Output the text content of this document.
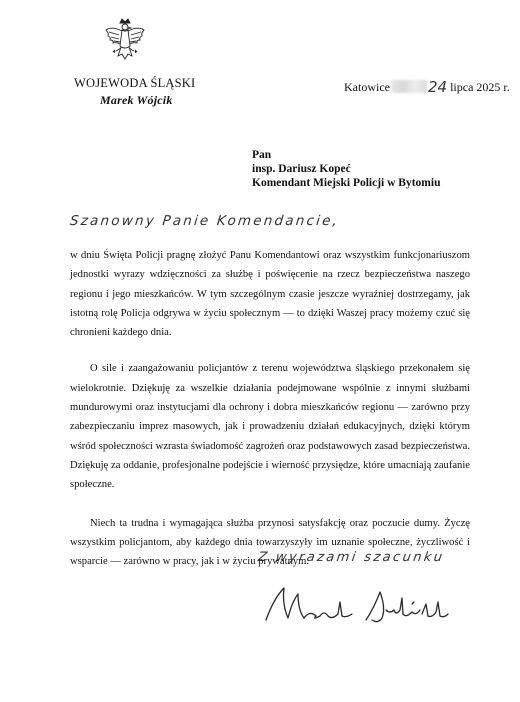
WOJEWODA ŚLĄSKI
Marek Wójcik
Katowice	24 lipca 2025 r.
Pan
insp. Dariusz Kopeć
Komendant Miejski Policji w Bytomiu
Szanowny Panie Komendancie,

w dniu Święta Policji pragnę złożyć Panu Komendantowi oraz wszystkim funkcjonariuszom jednostki wyrazy wdzięczności za służbę i poświęcenie na rzecz bezpieczeństwa naszego regionu i jego mieszkańców. W tym szczególnym czasie jeszcze wyraźniej dostrzegamy, jak istotną rolę Policja odgrywa w życiu społecznym — to dzięki Waszej pracy możemy czuć się chronieni każdego dnia.

O sile i zaangażowaniu policjantów z terenu województwa śląskiego przekonałem się wielokrotnie. Dziękuję za wszelkie działania podejmowane wspólnie z innymi służbami mundurowymi oraz instytucjami dla ochrony i dobra mieszkańców regionu — zarówno przy zabezpieczaniu imprez masowych, jak i prowadzeniu działań edukacyjnych, dzięki którym wśród społeczności wzrasta świadomość zagrożeń oraz podstawowych zasad bezpieczeństwa. Dziękuję za oddanie, profesjonalne podejście i wierność przysiędze, które umacniają zaufanie społeczne.

Niech ta trudna i wymagająca służba przynosi satysfakcję oraz poczucie dumy. Życzę wszystkim policjantom, aby każdego dnia towarzyszyły im uznanie społeczne, życzliwość i wsparcie — zarówno w pracy, jak i w życiu prywatnym.

Z wyrazami szacunku
